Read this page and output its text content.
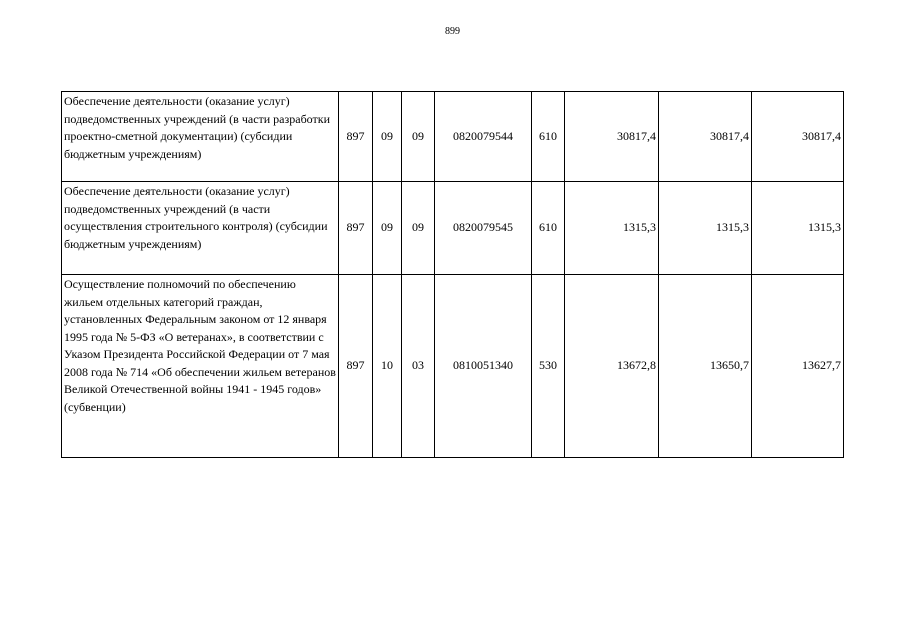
899
Обеспечение деятельности (оказание услуг) подведомственных учреждений (в части разработки проектно-сметной документации) (субсидии бюджетным учреждениям)	897	09	09	0820079544	610	30817,4	30817,4	30817,4
Обеспечение деятельности (оказание услуг) подведомственных учреждений (в части осуществления строительного контроля) (субсидии бюджетным учреждениям)	897	09	09	0820079545	610	1315,3	1315,3	1315,3
Осуществление полномочий по обеспечению жильем отдельных категорий граждан, установленных Федеральным законом от 12 января 1995 года № 5-ФЗ «О ветеранах», в соответствии с Указом Президента Российской Федерации от 7 мая 2008 года № 714 «Об обеспечении жильем ветеранов Великой Отечественной войны 1941 - 1945 годов» (субвенции)	897	10	03	0810051340	530	13672,8	13650,7	13627,7
